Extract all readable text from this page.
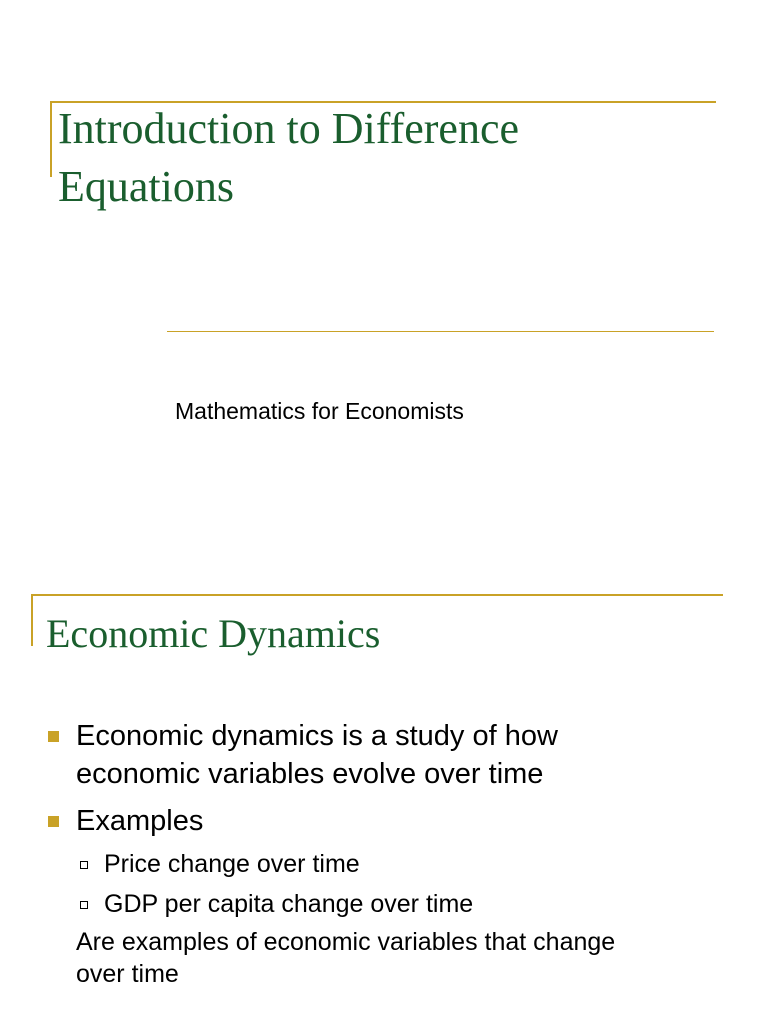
Introduction to Difference
Equations

Mathematics for Economists

Economic Dynamics
Economic dynamics is a study of how
economic variables evolve over time
Examples
Price change over time
GDP per capita change over time

Are examples of economic variables that change

over time
